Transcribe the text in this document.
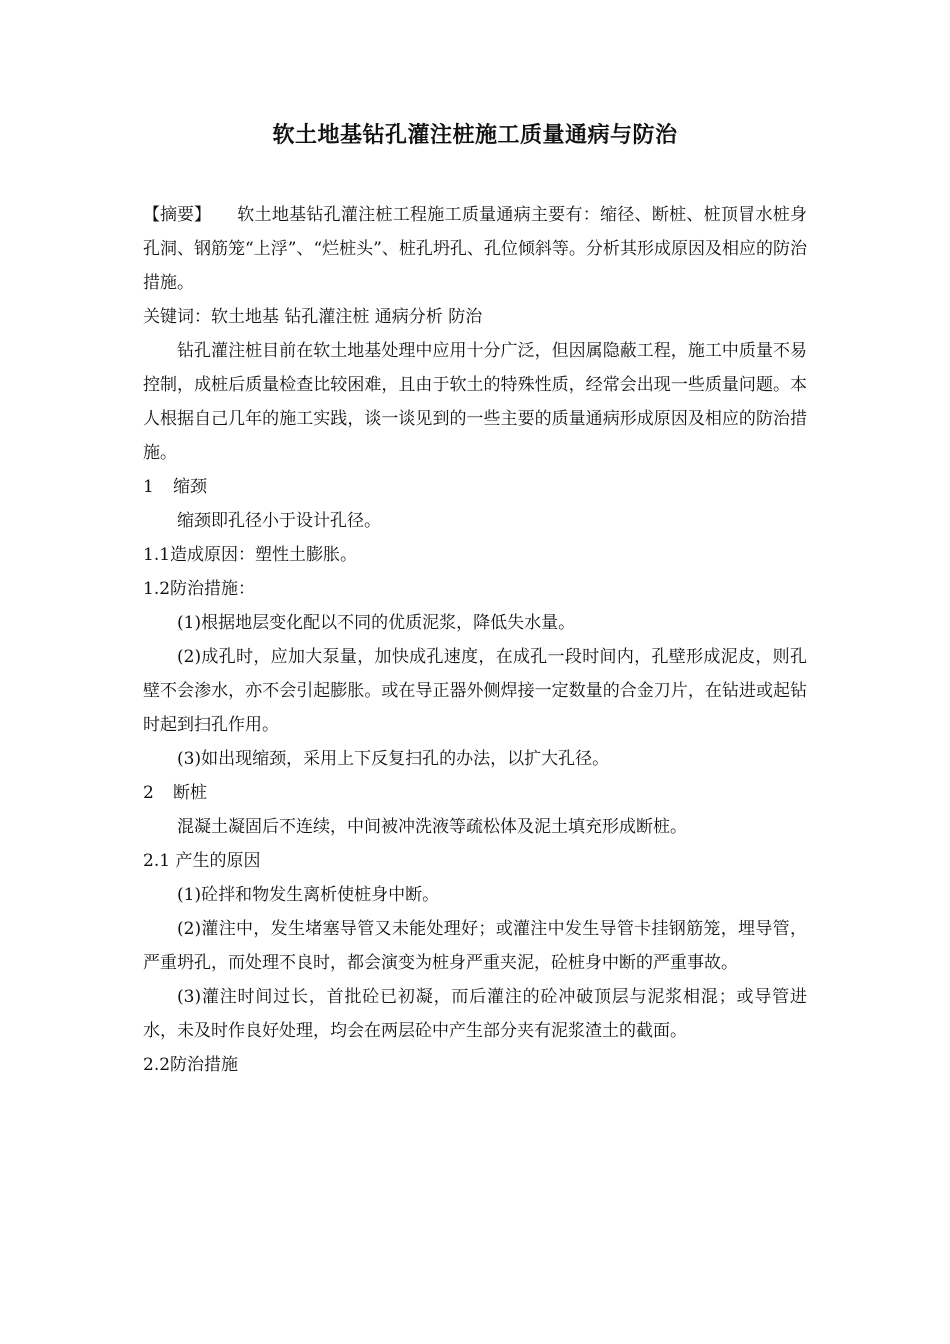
软土地基钻孔灌注桩施工质量通病与防治

【摘要】 软土地基钻孔灌注桩工程施工质量通病主要有：缩径、断桩、桩顶冒水桩身孔洞、钢筋笼“上浮”、“烂桩头”、桩孔坍孔、孔位倾斜等。分析其形成原因及相应的防治措施。

关键词：软土地基 钻孔灌注桩 通病分析 防治

钻孔灌注桩目前在软土地基处理中应用十分广泛，但因属隐蔽工程，施工中质量不易控制，成桩后质量检查比较困难，且由于软土的特殊性质，经常会出现一些质量问题。本人根据自己几年的施工实践，谈一谈见到的一些主要的质量通病形成原因及相应的防治措施。

1 缩颈

缩颈即孔径小于设计孔径。

1.1造成原因：塑性土膨胀。

1.2防治措施：

(1)根据地层变化配以不同的优质泥浆，降低失水量。

(2)成孔时，应加大泵量，加快成孔速度，在成孔一段时间内，孔壁形成泥皮，则孔壁不会渗水，亦不会引起膨胀。或在导正器外侧焊接一定数量的合金刀片，在钻进或起钻时起到扫孔作用。

(3)如出现缩颈，采用上下反复扫孔的办法，以扩大孔径。

2 断桩

混凝土凝固后不连续，中间被冲洗液等疏松体及泥土填充形成断桩。

2.1 产生的原因

(1)砼拌和物发生离析使桩身中断。

(2)灌注中，发生堵塞导管又未能处理好；或灌注中发生导管卡挂钢筋笼，埋导管，严重坍孔，而处理不良时，都会演变为桩身严重夹泥，砼桩身中断的严重事故。

(3)灌注时间过长，首批砼已初凝，而后灌注的砼冲破顶层与泥浆相混；或导管进水，未及时作良好处理，均会在两层砼中产生部分夹有泥浆渣土的截面。

2.2防治措施
